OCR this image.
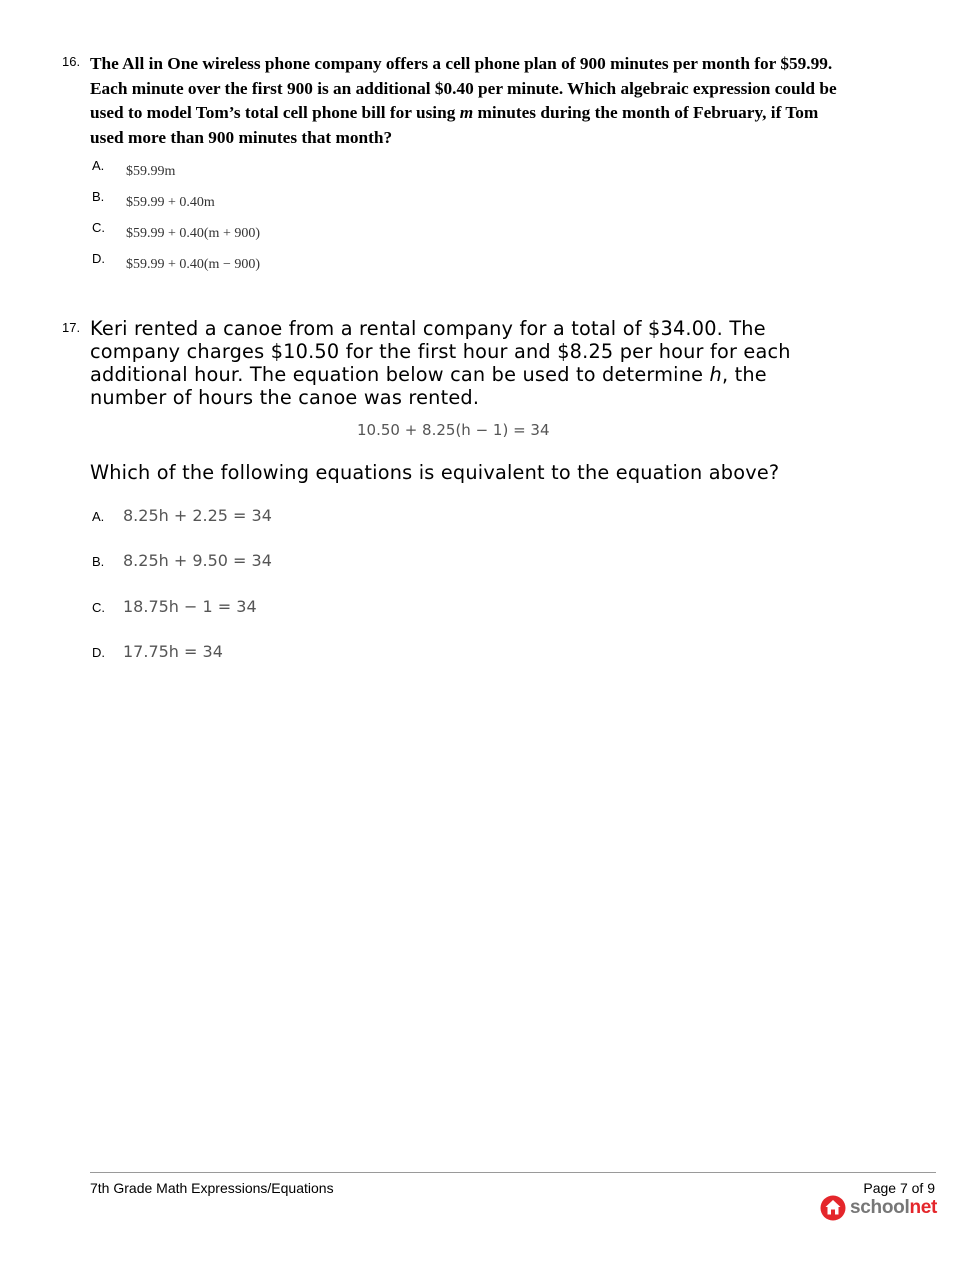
16. The All in One wireless phone company offers a cell phone plan of 900 minutes per month for $59.99. Each minute over the first 900 is an additional $0.40 per minute. Which algebraic expression could be used to model Tom’s total cell phone bill for using m minutes during the month of February, if Tom used more than 900 minutes that month?
A. $59.99m
B. $59.99 + 0.40m
C. $59.99 + 0.40(m + 900)
D. $59.99 + 0.40(m − 900)
17. Keri rented a canoe from a rental company for a total of $34.00. The company charges $10.50 for the first hour and $8.25 per hour for each additional hour. The equation below can be used to determine h, the number of hours the canoe was rented.
10.50 + 8.25(h − 1) = 34
Which of the following equations is equivalent to the equation above?
A. 8.25h + 2.25 = 34
B. 8.25h + 9.50 = 34
C. 18.75h − 1 = 34
D. 17.75h = 34
7th Grade Math Expressions/Equations	Page 7 of 9
schoolnet
